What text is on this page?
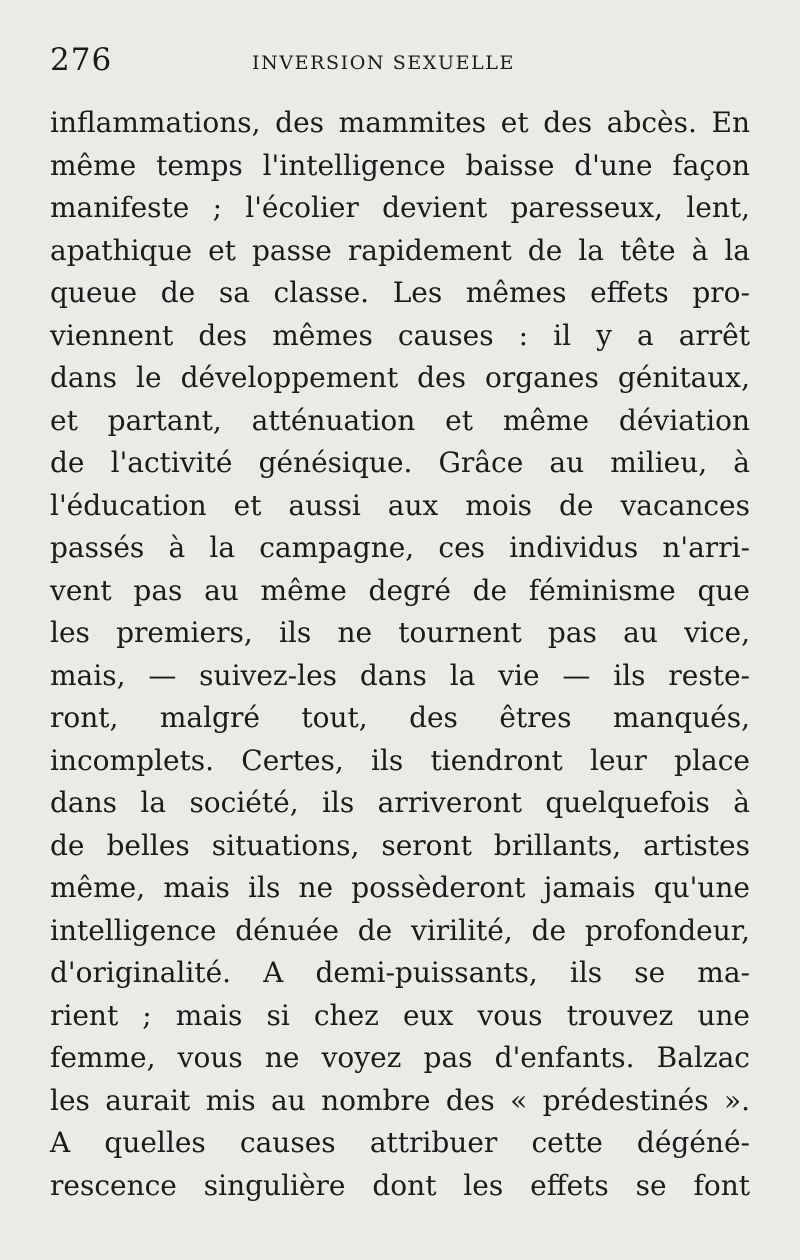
276	INVERSION SEXUELLE
inflammations, des mammites et des abcès. En
même temps l'intelligence baisse d'une façon
manifeste ; l'écolier devient paresseux, lent,
apathique et passe rapidement de la tête à la
queue de sa classe. Les mêmes effets pro-
viennent des mêmes causes : il y a arrêt
dans le développement des organes génitaux,
et partant, atténuation et même déviation
de l'activité génésique. Grâce au milieu, à
l'éducation et aussi aux mois de vacances
passés à la campagne, ces individus n'arri-
vent pas au même degré de féminisme que
les premiers, ils ne tournent pas au vice,
mais, — suivez-les dans la vie — ils reste-
ront, malgré tout, des êtres manqués,
incomplets. Certes, ils tiendront leur place
dans la société, ils arriveront quelquefois à
de belles situations, seront brillants, artistes
même, mais ils ne possèderont jamais qu'une
intelligence dénuée de virilité, de profondeur,
d'originalité. A demi-puissants, ils se ma-
rient ; mais si chez eux vous trouvez une
femme, vous ne voyez pas d'enfants. Balzac
les aurait mis au nombre des « prédestinés ».
A quelles causes attribuer cette dégéné-
rescence singulière dont les effets se font
